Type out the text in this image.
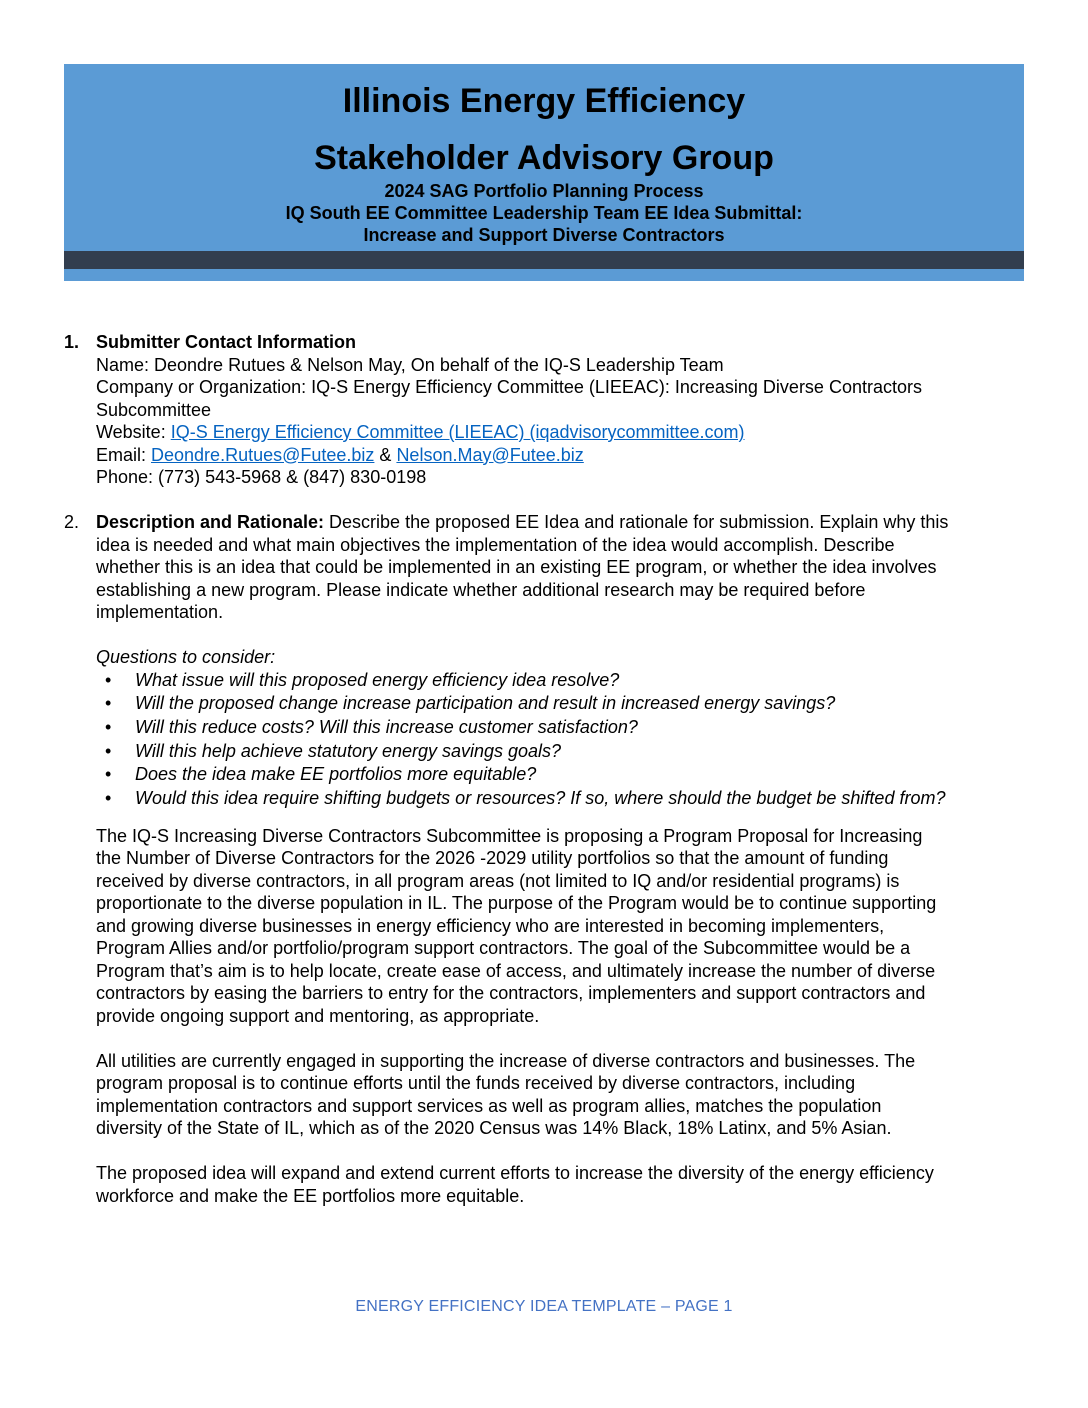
Illinois Energy Efficiency
Stakeholder Advisory Group
2024 SAG Portfolio Planning Process
IQ South EE Committee Leadership Team EE Idea Submittal:
Increase and Support Diverse Contractors
1. Submitter Contact Information
Name: Deondre Rutues & Nelson May, On behalf of the IQ-S Leadership Team
Company or Organization: IQ-S Energy Efficiency Committee (LIEEAC): Increasing Diverse Contractors
Subcommittee
Website: IQ-S Energy Efficiency Committee (LIEEAC) (iqadvisorycommittee.com)
Email: Deondre.Rutues@Futee.biz & Nelson.May@Futee.biz
Phone: (773) 543-5968 & (847) 830-0198
2. Description and Rationale: Describe the proposed EE Idea and rationale for submission. Explain why this
idea is needed and what main objectives the implementation of the idea would accomplish. Describe
whether this is an idea that could be implemented in an existing EE program, or whether the idea involves
establishing a new program. Please indicate whether additional research may be required before
implementation.
Questions to consider:
• What issue will this proposed energy efficiency idea resolve?
• Will the proposed change increase participation and result in increased energy savings?
• Will this reduce costs? Will this increase customer satisfaction?
• Will this help achieve statutory energy savings goals?
• Does the idea make EE portfolios more equitable?
• Would this idea require shifting budgets or resources? If so, where should the budget be shifted from?
The IQ-S Increasing Diverse Contractors Subcommittee is proposing a Program Proposal for Increasing
the Number of Diverse Contractors for the 2026 -2029 utility portfolios so that the amount of funding
received by diverse contractors, in all program areas (not limited to IQ and/or residential programs) is
proportionate to the diverse population in IL. The purpose of the Program would be to continue supporting
and growing diverse businesses in energy efficiency who are interested in becoming implementers,
Program Allies and/or portfolio/program support contractors. The goal of the Subcommittee would be a
Program that’s aim is to help locate, create ease of access, and ultimately increase the number of diverse
contractors by easing the barriers to entry for the contractors, implementers and support contractors and
provide ongoing support and mentoring, as appropriate.
All utilities are currently engaged in supporting the increase of diverse contractors and businesses. The
program proposal is to continue efforts until the funds received by diverse contractors, including
implementation contractors and support services as well as program allies, matches the population
diversity of the State of IL, which as of the 2020 Census was 14% Black, 18% Latinx, and 5% Asian.
The proposed idea will expand and extend current efforts to increase the diversity of the energy efficiency
workforce and make the EE portfolios more equitable.
ENERGY EFFICIENCY IDEA TEMPLATE – PAGE 1
